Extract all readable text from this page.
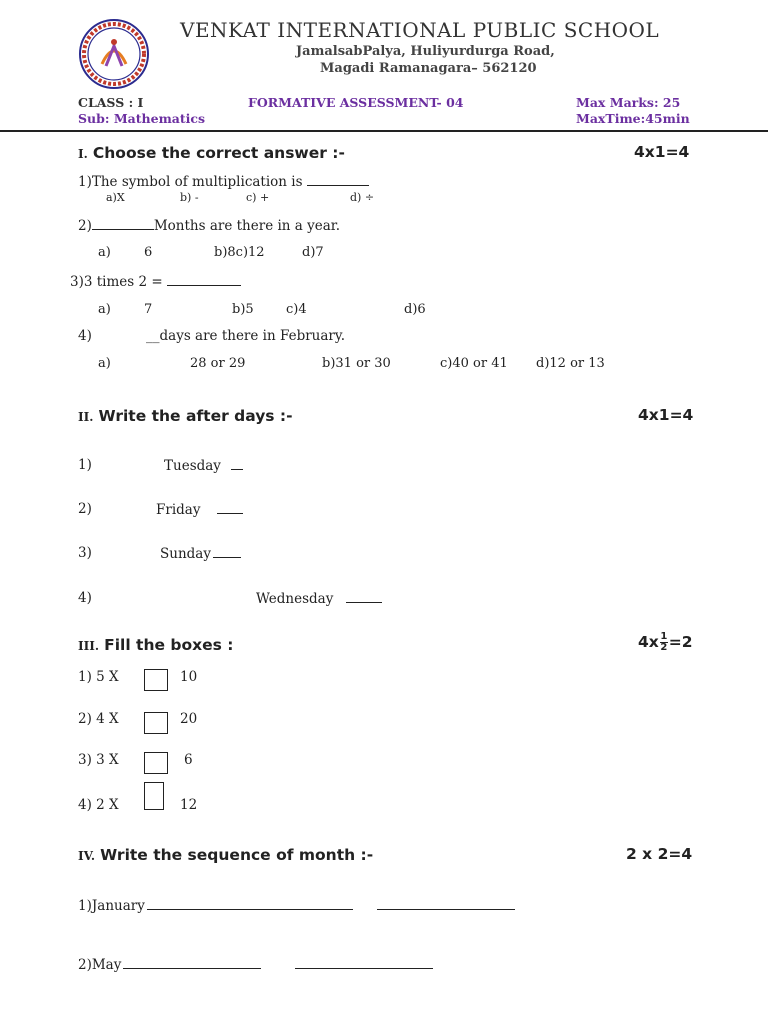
VENKAT INTERNATIONAL PUBLIC SCHOOL
JamalsabPalya, Huliyurdurga Road,
Magadi Ramanagara– 562120
CLASS : I
Sub: Mathematics
FORMATIVE ASSESSMENT- 04	Max Marks: 25
MaxTime:45min
I. Choose the correct answer :-	4x1=4
1)The symbol of multiplication is
a)X	b) -	c) +	d) ÷
2)	Months are there in a year.
a)	6	b)8c)12	d)7
3)3 times 2 =
a)	7	b)5 c)4	d)6
4)	__days are there in February.
a)	28 or 29	b)31 or 30	c)40 or 41 d)12 or 13
II. Write the after days :-	4x1=4
1)	Tuesday
2)	Friday
3)	Sunday
4)	Wednesday
III. Fill the boxes :	$4x \frac{1}{2} =2$
1) 5 X	10
2) 4 X	20
3) 3 X	6
4) 2 X	12
IV. Write the sequence of month :-	2 x 2=4
1)January
2)May
